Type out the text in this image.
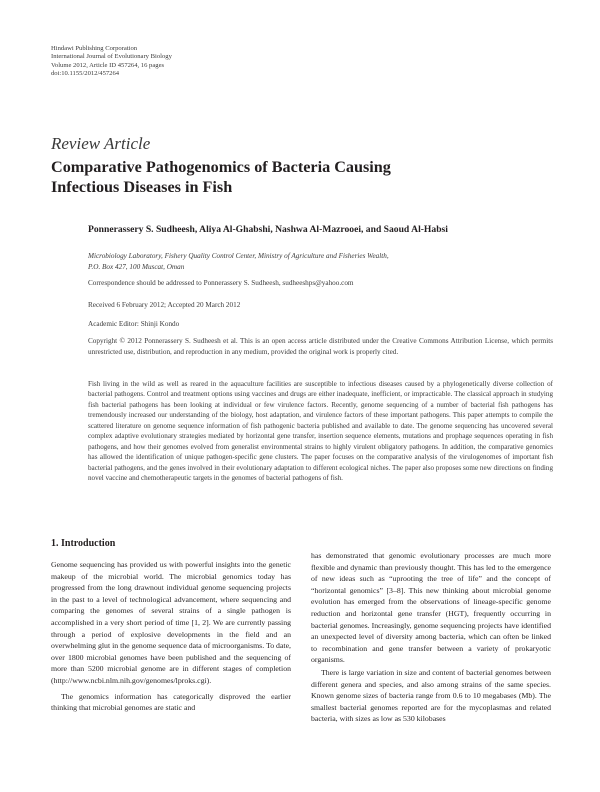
Hindawi Publishing Corporation
International Journal of Evolutionary Biology
Volume 2012, Article ID 457264, 16 pages
doi:10.1155/2012/457264
Review Article
Comparative Pathogenomics of Bacteria Causing
Infectious Diseases in Fish
Ponnerassery S. Sudheesh, Aliya Al-Ghabshi, Nashwa Al-Mazrooei, and Saoud Al-Habsi
Microbiology Laboratory, Fishery Quality Control Center, Ministry of Agriculture and Fisheries Wealth,
P.O. Box 427, 100 Muscat, Oman
Correspondence should be addressed to Ponnerassery S. Sudheesh, sudheeshps@yahoo.com
Received 6 February 2012; Accepted 20 March 2012
Academic Editor: Shinji Kondo
Copyright © 2012 Ponnerassery S. Sudheesh et al. This is an open access article distributed under the Creative Commons Attribution License, which permits unrestricted use, distribution, and reproduction in any medium, provided the original work is properly cited.
Fish living in the wild as well as reared in the aquaculture facilities are susceptible to infectious diseases caused by a phylogenetically diverse collection of bacterial pathogens. Control and treatment options using vaccines and drugs are either inadequate, inefficient, or impracticable. The classical approach in studying fish bacterial pathogens has been looking at individual or few virulence factors. Recently, genome sequencing of a number of bacterial fish pathogens has tremendously increased our understanding of the biology, host adaptation, and virulence factors of these important pathogens. This paper attempts to compile the scattered literature on genome sequence information of fish pathogenic bacteria published and available to date. The genome sequencing has uncovered several complex adaptive evolutionary strategies mediated by horizontal gene transfer, insertion sequence elements, mutations and prophage sequences operating in fish pathogens, and how their genomes evolved from generalist environmental strains to highly virulent obligatory pathogens. In addition, the comparative genomics has allowed the identification of unique pathogen-specific gene clusters. The paper focuses on the comparative analysis of the virulogenomes of important fish bacterial pathogens, and the genes involved in their evolutionary adaptation to different ecological niches. The paper also proposes some new directions on finding novel vaccine and chemotherapeutic targets in the genomes of bacterial pathogens of fish.
1. Introduction

Genome sequencing has provided us with powerful insights into the genetic makeup of the microbial world. The microbial genomics today has progressed from the long drawnout individual genome sequencing projects in the past to a level of technological advancement, where sequencing and comparing the genomes of several strains of a single pathogen is accomplished in a very short period of time [1, 2]. We are currently passing through a period of explosive developments in the field and an overwhelming glut in the genome sequence data of microorganisms. To date, over 1800 microbial genomes have been published and the sequencing of more than 5200 microbial genome are in different stages of completion (http://www.ncbi.nlm.nih.gov/genomes/lproks.cgi).

The genomics information has categorically disproved the earlier thinking that microbial genomes are static and

has demonstrated that genomic evolutionary processes are much more flexible and dynamic than previously thought. This has led to the emergence of new ideas such as “uprooting the tree of life” and the concept of “horizontal genomics” [3–8]. This new thinking about microbial genome evolution has emerged from the observations of lineage-specific genome reduction and horizontal gene transfer (HGT), frequently occurring in bacterial genomes. Increasingly, genome sequencing projects have identified an unexpected level of diversity among bacteria, which can often be linked to recombination and gene transfer between a variety of prokaryotic organisms.

There is large variation in size and content of bacterial genomes between different genera and species, and also among strains of the same species. Known genome sizes of bacteria range from 0.6 to 10 megabases (Mb). The smallest bacterial genomes reported are for the mycoplasmas and related bacteria, with sizes as low as 530 kilobases
